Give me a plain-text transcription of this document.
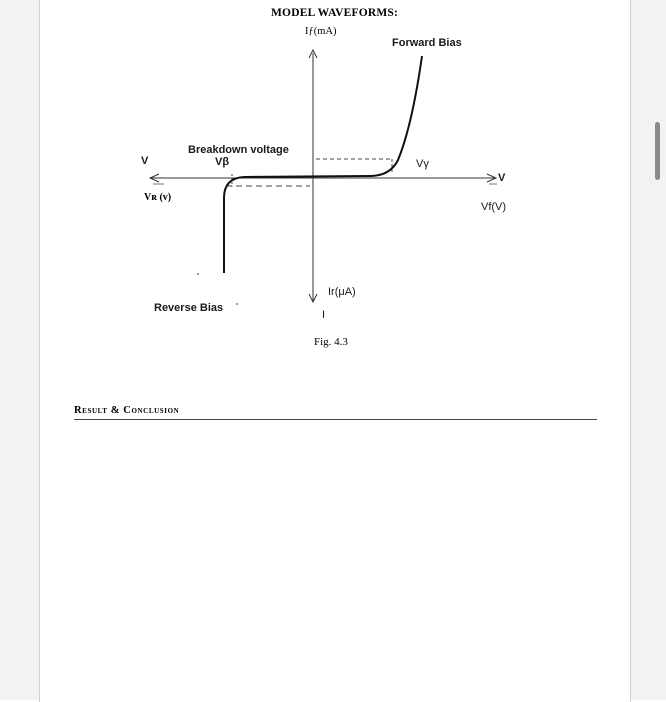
MODEL WAVEFORMS:
Iƒ(mA)
Forward Bias
Breakdown voltage
Vβ
V
Vʀ (v)
Vγ
V
Vf(V)
Ir(μA)
Reverse Bias
I
Fig. 4.3
Result & Conclusion
